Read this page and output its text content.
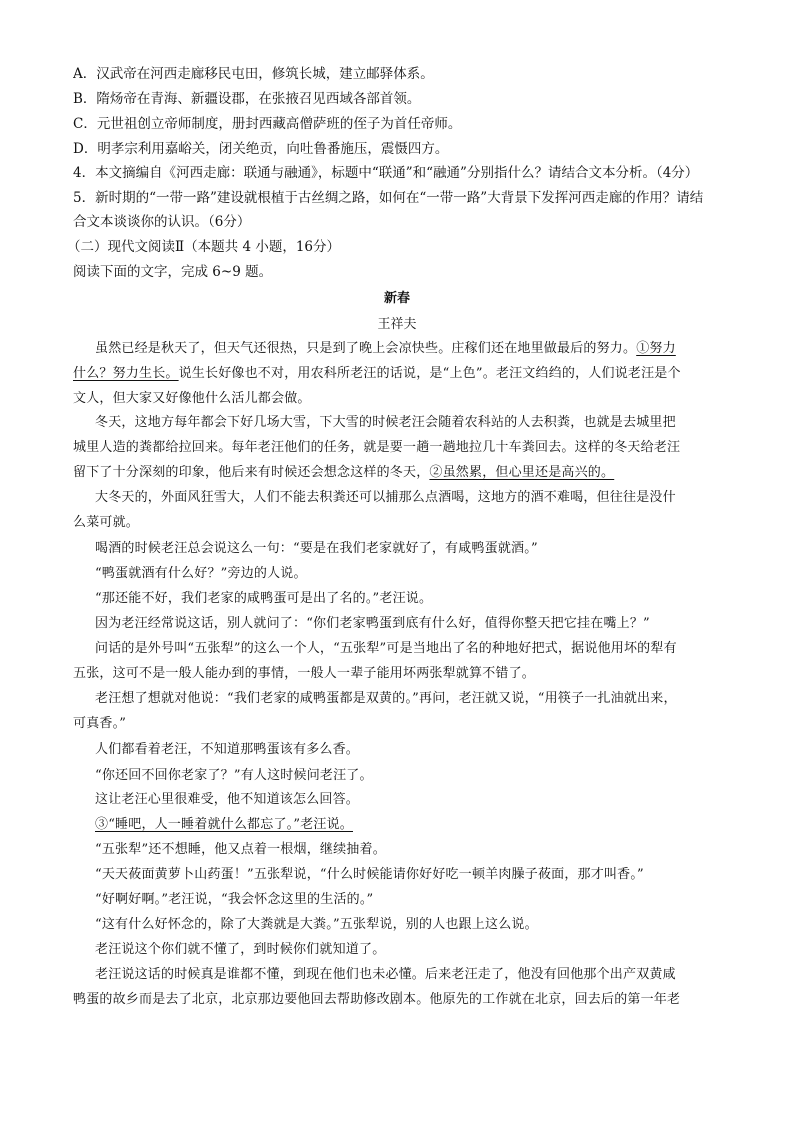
A．汉武帝在河西走廊移民屯田，修筑长城，建立邮驿体系。
B．隋炀帝在青海、新疆设郡，在张掖召见西域各部首领。
C．元世祖创立帝师制度，册封西藏高僧萨班的侄子为首任帝师。
D．明孝宗利用嘉峪关，闭关绝贡，向吐鲁番施压，震慑四方。
4．本文摘编自《河西走廊：联通与融通》，标题中“联通”和“融通”分别指什么？请结合文本分析。（4分）
5．新时期的“一带一路”建设就根植于古丝绸之路，如何在“一带一路”大背景下发挥河西走廊的作用？请结
合文本谈谈你的认识。（6分）
（二）现代文阅读Ⅱ（本题共 4 小题，16分）
阅读下面的文字，完成 6~9 题。
新春
王祥夫
虽然已经是秋天了，但天气还很热，只是到了晚上会凉快些。庄稼们还在地里做最后的努力。①努力
什么？努力生长。说生长好像也不对，用农科所老汪的话说，是“上色”。老汪文绉绉的，人们说老汪是个
文人，但大家又好像他什么活儿都会做。
冬天，这地方每年都会下好几场大雪，下大雪的时候老汪会随着农科站的人去积粪，也就是去城里把
城里人造的粪都给拉回来。每年老汪他们的任务，就是要一趟一趟地拉几十车粪回去。这样的冬天给老汪
留下了十分深刻的印象，他后来有时候还会想念这样的冬天，②虽然累，但心里还是高兴的。
大冬天的，外面风狂雪大，人们不能去积粪还可以捕那么点酒喝，这地方的酒不难喝，但往往是没什
么菜可就。
喝酒的时候老汪总会说这么一句：“要是在我们老家就好了，有咸鸭蛋就酒。”
“鸭蛋就酒有什么好？”旁边的人说。
“那还能不好，我们老家的咸鸭蛋可是出了名的。”老汪说。
因为老汪经常说这话，别人就问了：“你们老家鸭蛋到底有什么好，值得你整天把它挂在嘴上？”
问话的是外号叫“五张犁”的这么一个人，“五张犁”可是当地出了名的种地好把式，据说他用坏的犁有
五张，这可不是一般人能办到的事情，一般人一辈子能用坏两张犁就算不错了。
老汪想了想就对他说：“我们老家的咸鸭蛋都是双黄的。”再问，老汪就又说，“用筷子一扎油就出来，
可真香。”
人们都看着老汪，不知道那鸭蛋该有多么香。
“你还回不回你老家了？”有人这时候问老汪了。
这让老汪心里很难受，他不知道该怎么回答。
③“睡吧，人一睡着就什么都忘了。”老汪说。
“五张犁”还不想睡，他又点着一根烟，继续抽着。
“天天莜面黄萝卜山药蛋！”五张犁说，“什么时候能请你好好吃一顿羊肉臊子莜面，那才叫香。”
“好啊好啊。”老汪说，“我会怀念这里的生活的。”
“这有什么好怀念的，除了大粪就是大粪。”五张犁说，别的人也跟上这么说。
老汪说这个你们就不懂了，到时候你们就知道了。
老汪说这话的时候真是谁都不懂，到现在他们也未必懂。后来老汪走了，他没有回他那个出产双黄咸
鸭蛋的故乡而是去了北京，北京那边要他回去帮助修改剧本。他原先的工作就在北京，回去后的第一年老
